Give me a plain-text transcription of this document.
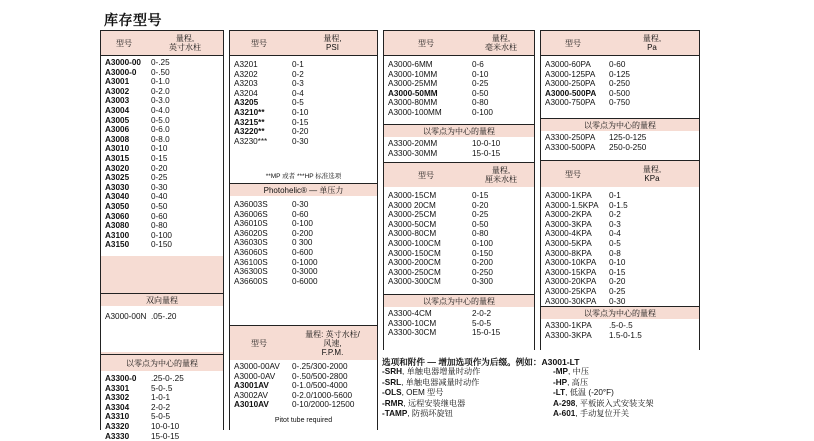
库存型号
型号	量程,
英寸水柱
A3000-00	0-.25
A3000-0	0-.50
A3001	0-1.0
A3002	0-2.0
A3003	0-3.0
A3004	0-4.0
A3005	0-5.0
A3006	0-6.0
A3008	0-8.0
A3010	0-10
A3015	0-15
A3020	0-20
A3025	0-25
A3030	0-30
A3040	0-40
A3050	0-50
A3060	0-60
A3080	0-80
A3100	0-100
A3150	0-150
双向量程
A3000-00N .05-.20
以零点为中心的量程
A3300-0	.25-0-.25
A3301	5-0-.5
A3302	1-0-1
A3304	2-0-2
A3310	5-0-5
A3320	10-0-10
A3330	15-0-15
型号	量程,
PSI
A3201	0-1
A3202	0-2
A3203	0-3
A3204	0-4
A3205	0-5
A3210**	0-10
A3215**	0-15
A3220**	0-20
A3230***	0-30
**MP 或者 ***HP 标准选项
Photohelic® — 单压力
A36003S	0-30
A36006S	0-60
A36010S	0-100
A36020S	0-200
A36030S	0 300
A36060S	0-600
A36100S	0-1000
A36300S	0-3000
A36600S	0-6000
型号
量程: 英寸水柱/
风速,
F.P.M.
A3000-00AV	0-.25/300-2000
A3000-0AV	0-.50/500-2800
A3001AV	0-1.0/500-4000
A3002AV	0-2.0/1000-5600
A3010AV	0-10/2000-12500
Pitot tube required
型号	量程,
毫米水柱
A3000-6MM	0-6
A3000-10MM	0-10
A3000-25MM	0-25
A3000-50MM	0-50
A3000-80MM	0-80
A3000-100MM	0-100
以零点为中心的量程
A3300-20MM	10-0-10
A3300-30MM	15-0-15
型号	量程,
厘米水柱
A3000-15CM	0-15
A3000 20CM	0-20
A3000-25CM	0-25
A3000-50CM	0-50
A3000-80CM	0-80
A3000-100CM	0-100
A3000-150CM	0-150
A3000-200CM	0-200
A3000-250CM	0-250
A3000-300CM	0-300
以零点为中心的量程
A3300-4CM	2-0-2
A3300-10CM	5-0-5
A3300-30CM	15-0-15
型号	量程,
Pa
A3000-60PA	0-60
A3000-125PA	0-125
A3000-250PA	0-250
A3000-500PA	0-500
A3000-750PA	0-750
以零点为中心的量程
A3300-250PA	125-0-125
A3300-500PA	250-0-250
型号	量程,
KPa
A3000-1KPA	0-1
A3000-1.5KPA	0-1.5
A3000-2KPA	0-2
A3000-3KPA	0-3
A3000-4KPA	0-4
A3000-5KPA	0-5
A3000-8KPA	0-8
A3000-10KPA	0-10
A3000-15KPA	0-15
A3000-20KPA	0-20
A3000-25KPA	0-25
A3000-30KPA	0-30
以零点为中心的量程
A3300-1KPA	.5-0-.5
A3300-3KPA	1.5-0-1.5
选项和附件 — 增加选项作为后缀。例如：A3001-LT
-SRH, 单触电器增量时动作
-SRL, 单触电器减量时动作
-OLS, OEM 型号
-RMR, 远程安装继电器
-TAMP, 防损坏旋钮
-MP, 中压
-HP, 高压
-LT, 低温 (-20°F)
A-298, 平板嵌入式安装支架
A-601, 手动复位开关
